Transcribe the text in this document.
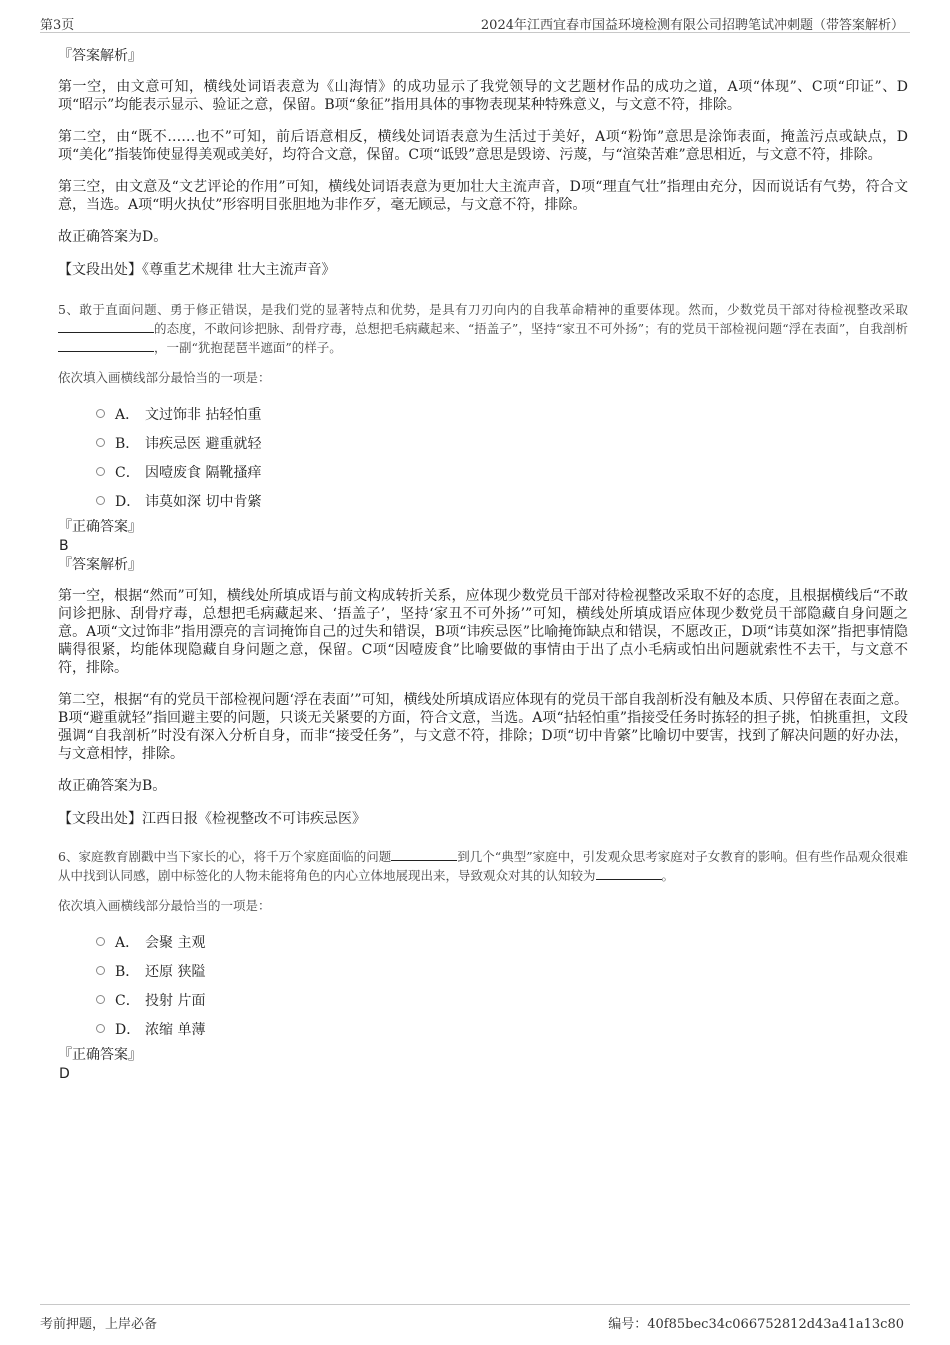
第3页	2024年江西宜春市国益环境检测有限公司招聘笔试冲刺题（带答案解析）

『答案解析』

第一空，由文意可知，横线处词语表意为《山海情》的成功显示了我党领导的文艺题材作品的成功之道，A项“体现”、C项“印证”、D项“昭示”均能表示显示、验证之意，保留。B项“象征”指用具体的事物表现某种特殊意义，与文意不符，排除。

第二空，由“既不……也不”可知，前后语意相反，横线处词语表意为生活过于美好，A项“粉饰”意思是涂饰表面，掩盖污点或缺点，D项“美化”指装饰使显得美观或美好，均符合文意，保留。C项“诋毁”意思是毁谤、污蔑，与“渲染苦难”意思相近，与文意不符，排除。

第三空，由文意及“文艺评论的作用”可知，横线处词语表意为更加壮大主流声音，D项“理直气壮”指理由充分，因而说话有气势，符合文意，当选。A项“明火执仗”形容明目张胆地为非作歹，毫无顾忌，与文意不符，排除。

故正确答案为D。

【文段出处】《尊重艺术规律 壮大主流声音》

5、敢于直面问题、勇于修正错误，是我们党的显著特点和优势，是具有刀刃向内的自我革命精神的重要体现。然而，少数党员干部对待检视整改采取的态度，不敢问诊把脉、刮骨疗毒，总想把毛病藏起来、“捂盖子”，坚持“家丑不可外扬”；有的党员干部检视问题“浮在表面”，自我剖析，一副“犹抱琵琶半遮面”的样子。

依次填入画横线部分最恰当的一项是：

A． 文过饰非 拈轻怕重
B． 讳疾忌医 避重就轻
C． 因噎废食 隔靴搔痒
D． 讳莫如深 切中肯綮

『正确答案』

B

『答案解析』

第一空，根据“然而”可知，横线处所填成语与前文构成转折关系，应体现少数党员干部对待检视整改采取不好的态度，且根据横线后“不敢问诊把脉、刮骨疗毒，总想把毛病藏起来、‘捂盖子’，坚持‘家丑不可外扬’”可知，横线处所填成语应体现少数党员干部隐藏自身问题之意。A项“文过饰非”指用漂亮的言词掩饰自己的过失和错误，B项“讳疾忌医”比喻掩饰缺点和错误，不愿改正，D项“讳莫如深”指把事情隐瞒得很紧，均能体现隐藏自身问题之意，保留。C项“因噎废食”比喻要做的事情由于出了点小毛病或怕出问题就索性不去干，与文意不符，排除。

第二空，根据“有的党员干部检视问题‘浮在表面’”可知，横线处所填成语应体现有的党员干部自我剖析没有触及本质、只停留在表面之意。B项“避重就轻”指回避主要的问题，只谈无关紧要的方面，符合文意，当选。A项“拈轻怕重”指接受任务时拣轻的担子挑，怕挑重担，文段强调“自我剖析”时没有深入分析自身，而非“接受任务”，与文意不符，排除；D项“切中肯綮”比喻切中要害，找到了解决问题的好办法，与文意相悖，排除。

故正确答案为B。

【文段出处】江西日报《检视整改不可讳疾忌医》

6、家庭教育剧戳中当下家长的心，将千万个家庭面临的问题	到几个“典型”家庭中，引发观众思考家庭对子女教育的影响。但有些作品观众很难从中找到认同感，剧中标签化的人物未能将角色的内心立体地展现出来，导致观众对其的认知较为	。

依次填入画横线部分最恰当的一项是：

A． 会聚 主观
B． 还原 狭隘
C． 投射 片面
D． 浓缩 单薄

『正确答案』

D

考前押题，上岸必备	编号：40f85bec34c066752812d43a41a13c80
